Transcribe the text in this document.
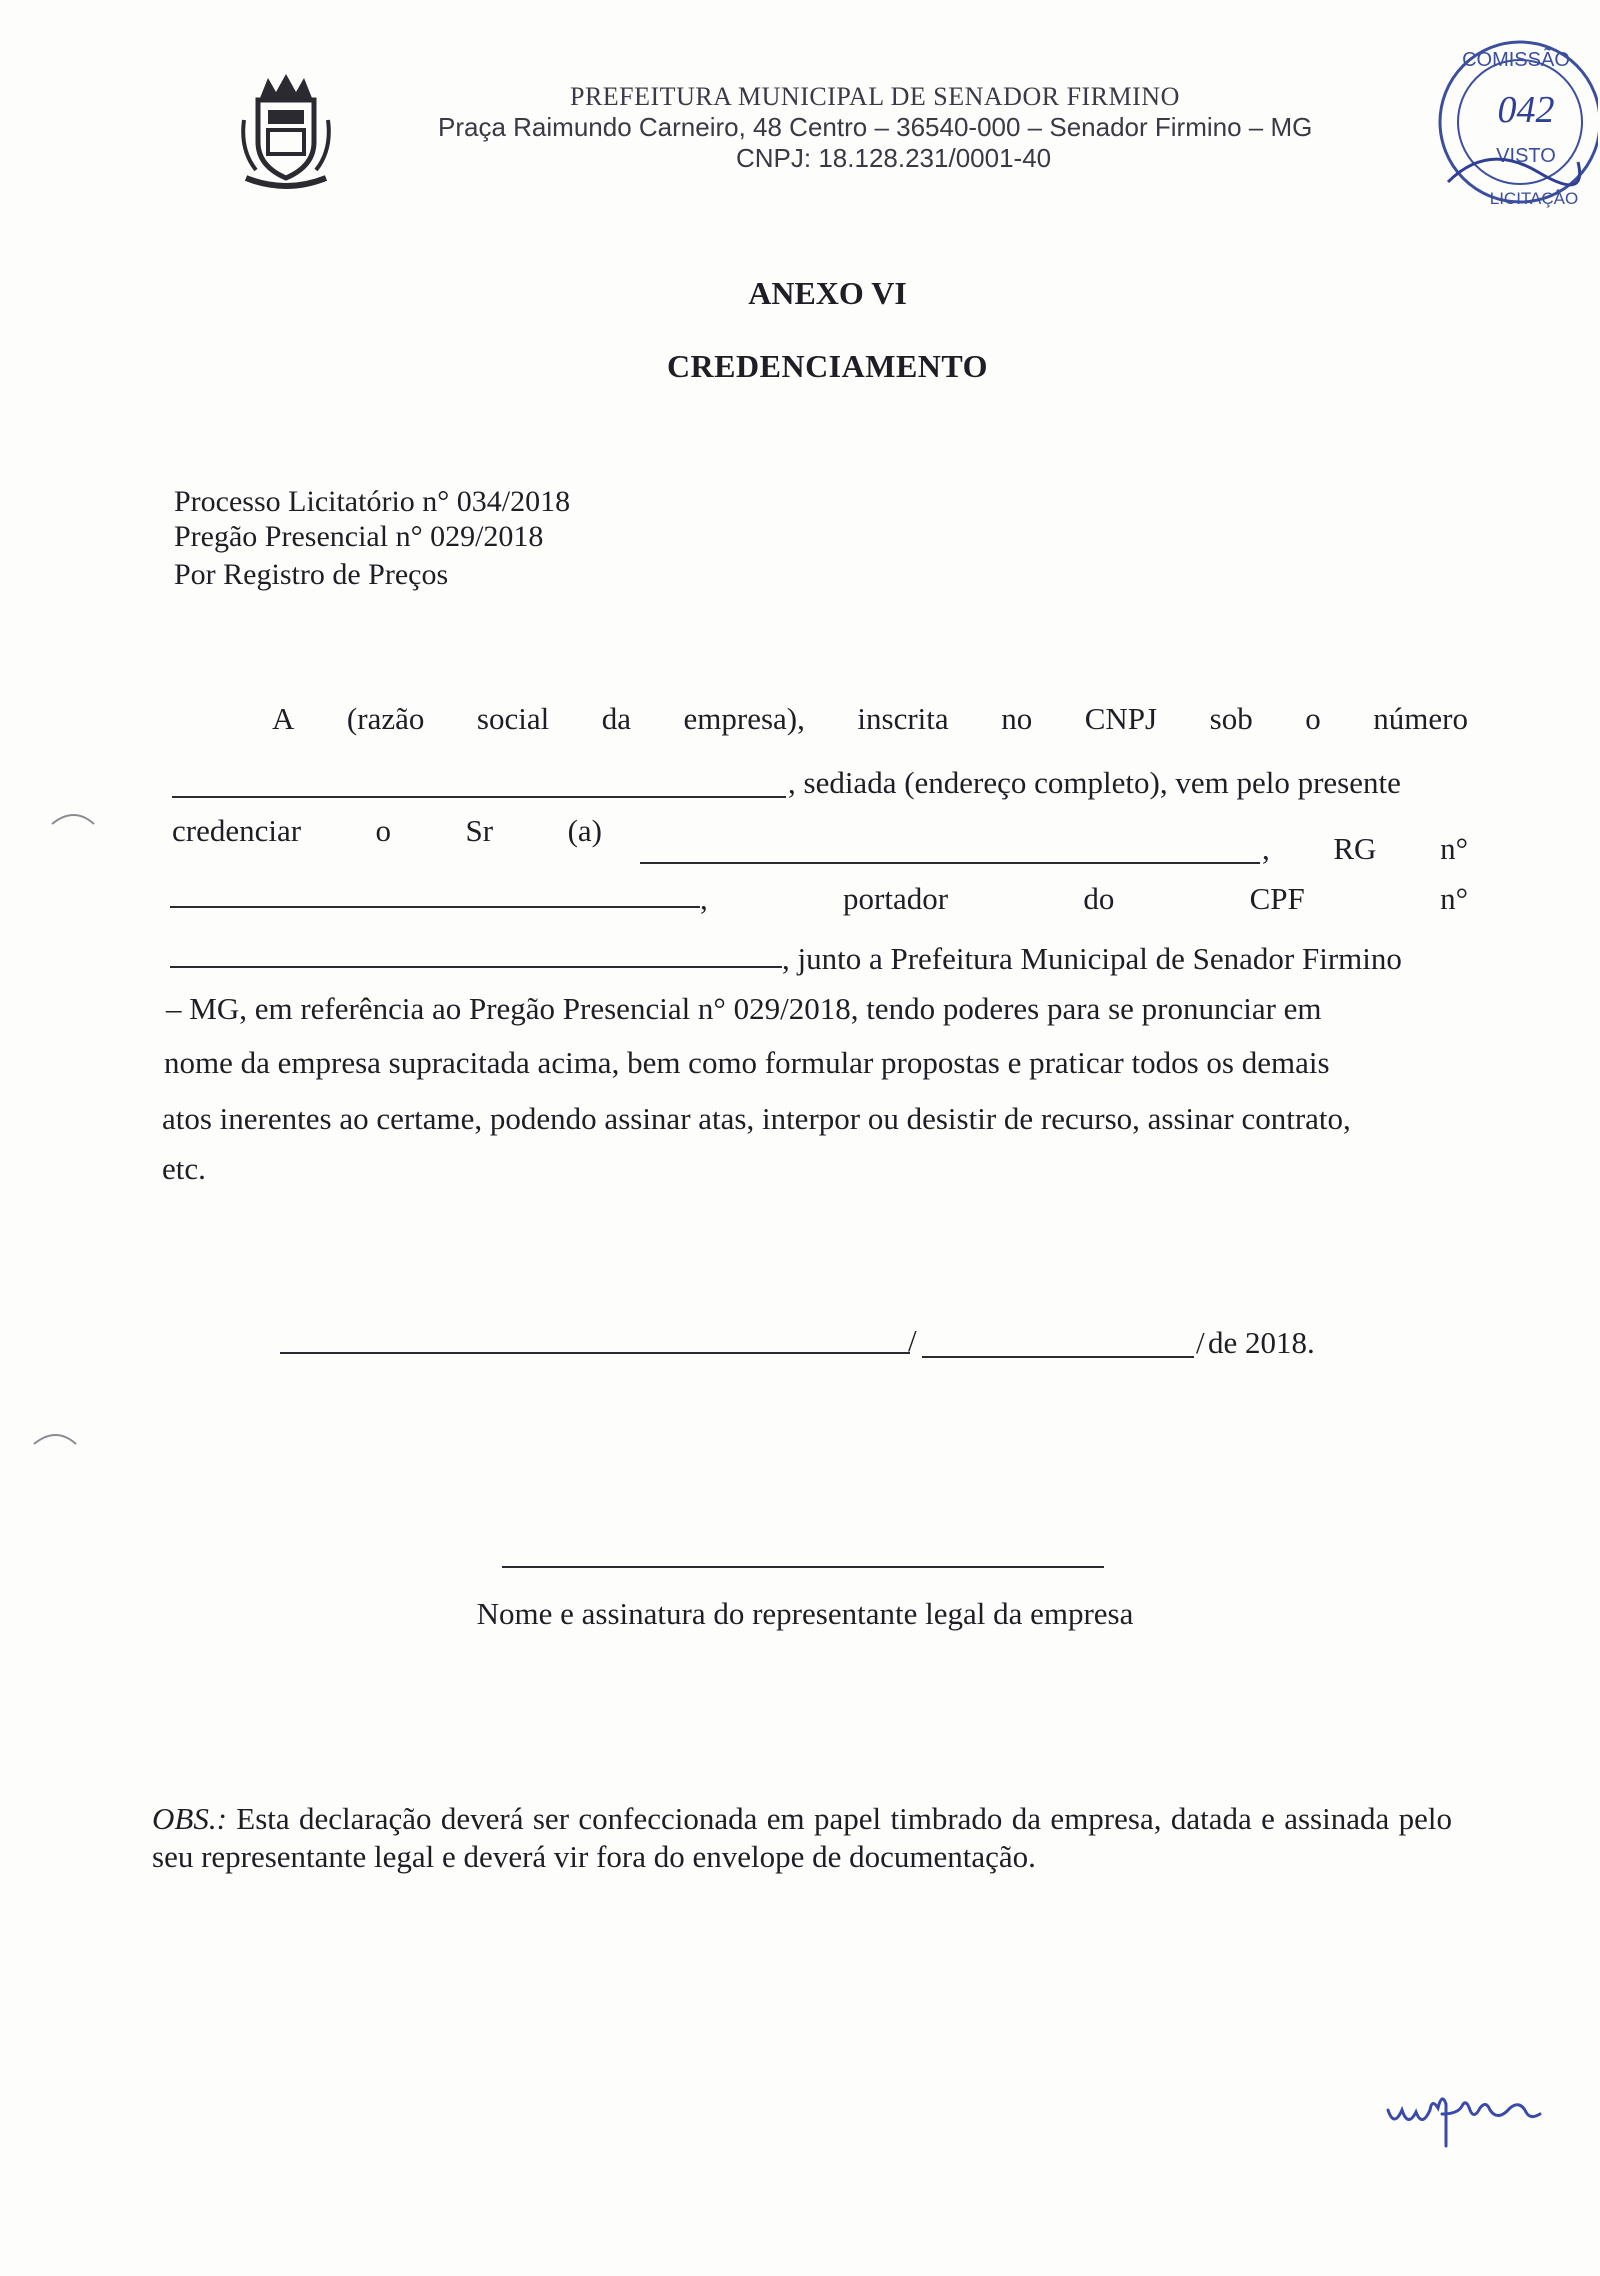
PREFEITURA MUNICIPAL DE SENADOR FIRMINO
Praça Raimundo Carneiro, 48 Centro – 36540-000 – Senador Firmino – MG
CNPJ: 18.128.231/0001-40
COMISSÃO
042
VISTO
LICITAÇÃO
ANEXO VI
CREDENCIAMENTO
Processo Licitatório n° 034/2018
Pregão Presencial n° 029/2018
Por Registro de Preços
A (razão social da empresa), inscrita no CNPJ sob o número
, sediada (endereço completo), vem pelo presente
credenciar o Sr (a)
, RG n°
,	portador	do	CPF	n°
, junto a Prefeitura Municipal de Senador Firmino
– MG, em referência ao Pregão Presencial n° 029/2018, tendo poderes para se pronunciar em
nome da empresa supracitada acima, bem como formular propostas e praticar todos os demais
atos inerentes ao certame, podendo assinar atas, interpor ou desistir de recurso, assinar contrato,
etc.
/	/ de 2018.
Nome e assinatura do representante legal da empresa
OBS.: Esta declaração deverá ser confeccionada em papel timbrado da empresa, datada e assinada pelo seu representante legal e deverá vir fora do envelope de documentação.
